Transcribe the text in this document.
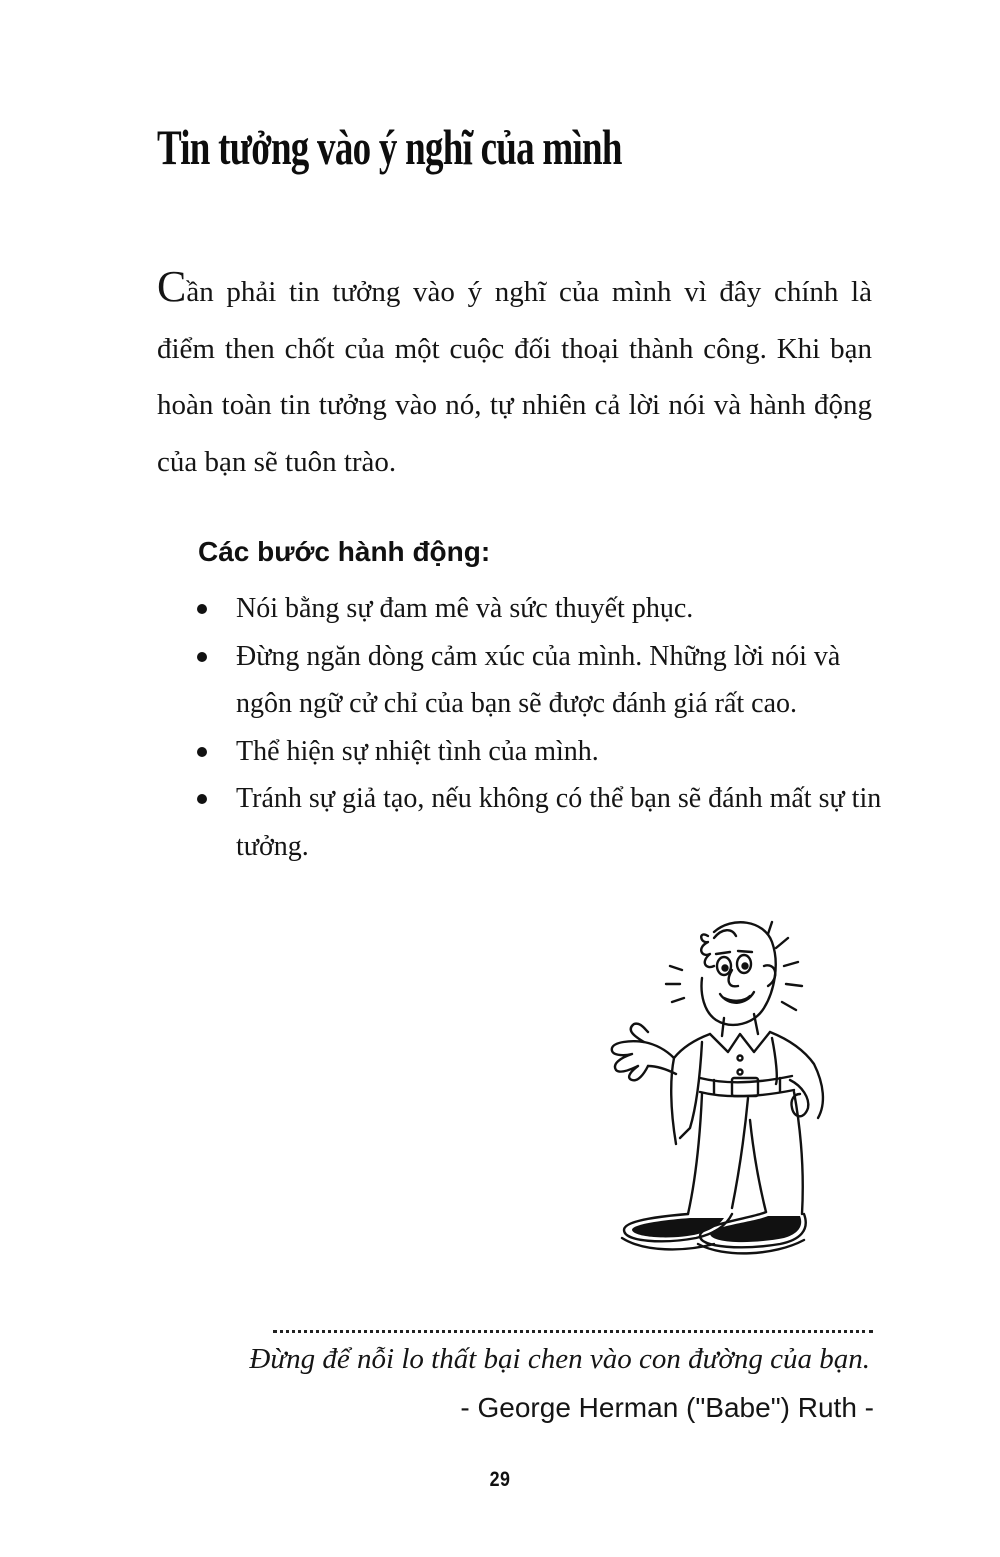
Tin tưởng vào ý nghĩ của mình

Cần phải tin tưởng vào ý nghĩ của mình vì đây chính là điểm then chốt của một cuộc đối thoại thành công. Khi bạn hoàn toàn tin tưởng vào nó, tự nhiên cả lời nói và hành động của bạn sẽ tuôn trào.

Các bước hành động:
Nói bằng sự đam mê và sức thuyết phục.
Đừng ngăn dòng cảm xúc của mình. Những lời nói và ngôn ngữ cử chỉ của bạn sẽ được đánh giá rất cao.
Thể hiện sự nhiệt tình của mình.
Tránh sự giả tạo, nếu không có thể bạn sẽ đánh mất sự tin tưởng.

Đừng để nỗi lo thất bại chen vào con đường của bạn.

- George Herman ("Babe") Ruth -

29
